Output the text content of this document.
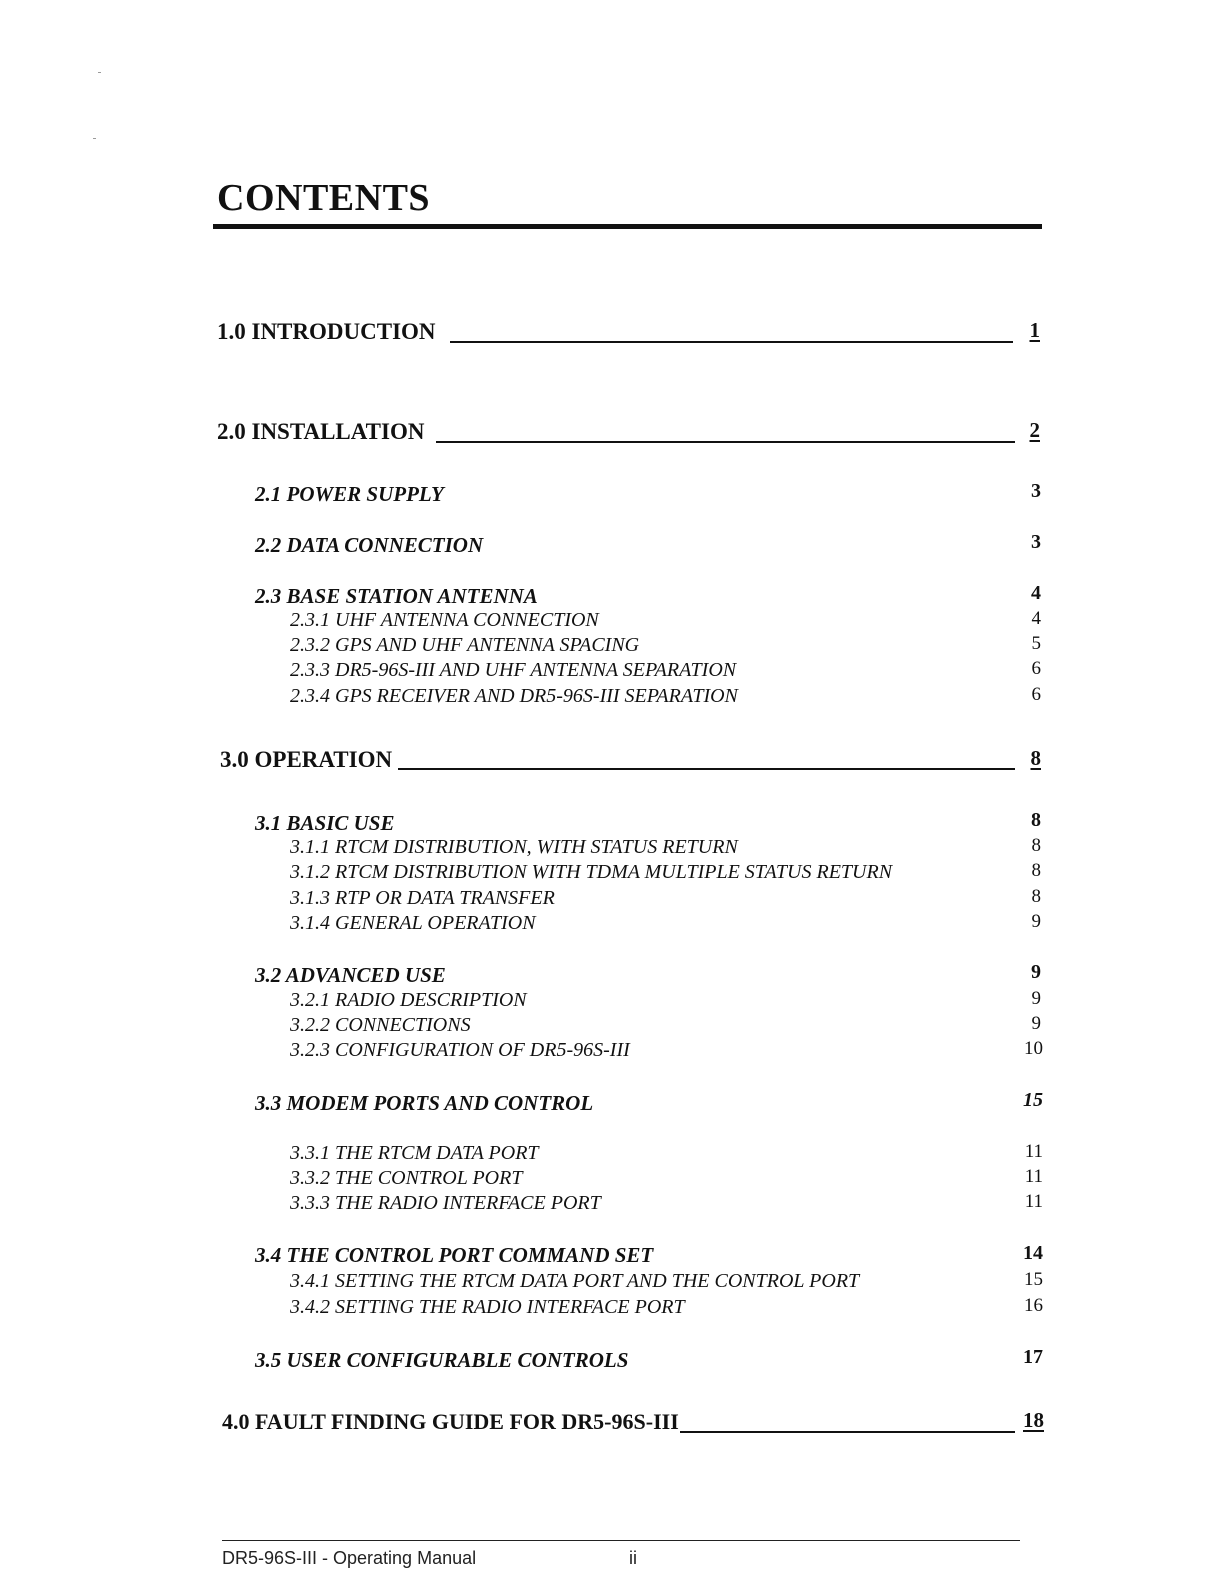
CONTENTS
1.0 INTRODUCTION	1
2.0 INSTALLATION	2
2.1 POWER SUPPLY	3
2.2 DATA CONNECTION	3
2.3 BASE STATION ANTENNA	4
2.3.1 UHF ANTENNA CONNECTION	4
2.3.2 GPS AND UHF ANTENNA SPACING	5
2.3.3 DR5-96S-III AND UHF ANTENNA SEPARATION	6
2.3.4 GPS RECEIVER AND DR5-96S-III SEPARATION	6
3.0 OPERATION	8
3.1 BASIC USE	8
3.1.1 RTCM DISTRIBUTION, WITH STATUS RETURN	8
3.1.2 RTCM DISTRIBUTION WITH TDMA MULTIPLE STATUS RETURN	8
3.1.3 RTP OR DATA TRANSFER	8
3.1.4 GENERAL OPERATION	9
3.2 ADVANCED USE	9
3.2.1 RADIO DESCRIPTION	9
3.2.2 CONNECTIONS	9
3.2.3 CONFIGURATION OF DR5-96S-III	10
3.3 MODEM PORTS AND CONTROL	15
3.3.1 THE RTCM DATA PORT	11
3.3.2 THE CONTROL PORT	11
3.3.3 THE RADIO INTERFACE PORT	11
3.4 THE CONTROL PORT COMMAND SET	14
3.4.1 SETTING THE RTCM DATA PORT AND THE CONTROL PORT	15
3.4.2 SETTING THE RADIO INTERFACE PORT	16
3.5 USER CONFIGURABLE CONTROLS	17
4.0 FAULT FINDING GUIDE FOR DR5-96S-III	18
DR5-96S-III - Operating Manual	ii
